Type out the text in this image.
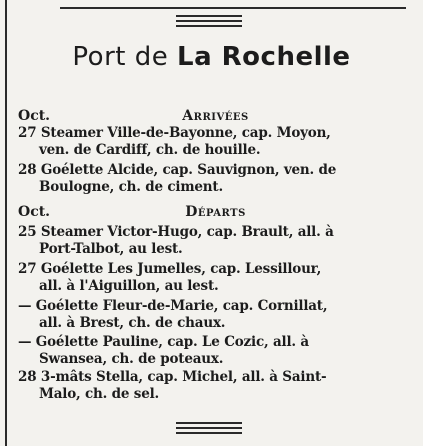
Port de La Rochelle
Oct.	Arrivées
27 Steamer Ville-de-Bayonne, cap. Moyon,
ven. de Cardiff, ch. de houille.
28 Goélette Alcide, cap. Sauvignon, ven. de
Boulogne, ch. de ciment.
Oct.	Départs
25 Steamer Victor-Hugo, cap. Brault, all. à
Port-Talbot, au lest.
27 Goélette Les Jumelles, cap. Lessillour,
all. à l'Aiguillon, au lest.
— Goélette Fleur-de-Marie, cap. Cornillat,
all. à Brest, ch. de chaux.
— Goélette Pauline, cap. Le Cozic, all. à
Swansea, ch. de poteaux.
28 3-mâts Stella, cap. Michel, all. à Saint-
Malo, ch. de sel.
